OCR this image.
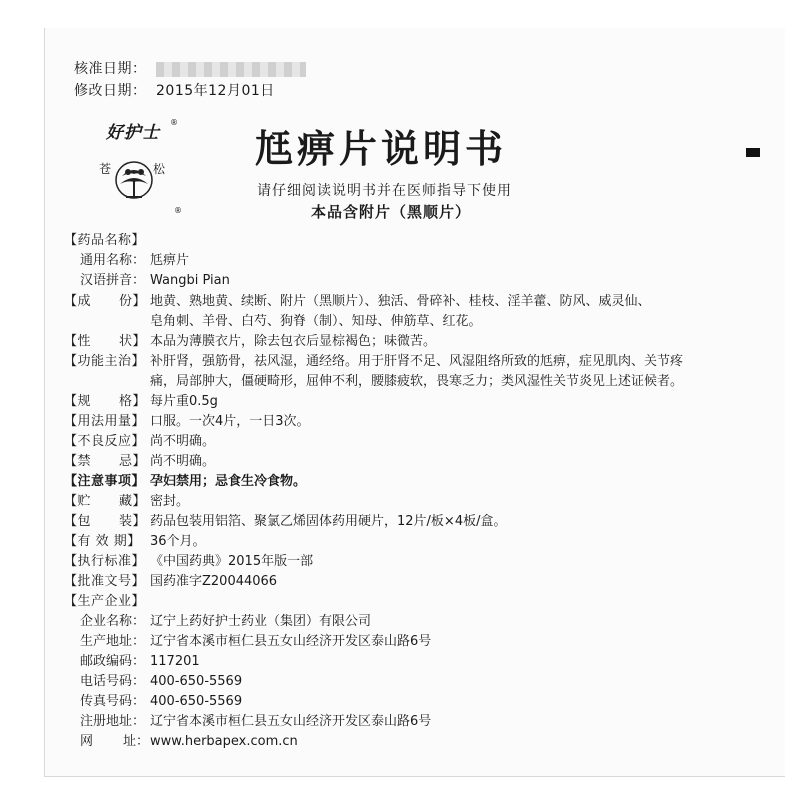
核准日期：
修改日期： 2015年12月01日
好护士
®
苍	松
®
尪痹片说明书
请仔细阅读说明书并在医师指导下使用
本品含附片（黑顺片）
【药品名称】
通用名称： 尪痹片
汉语拼音： Wangbi Pian
【成 份】 地黄、熟地黄、续断、附片（黑顺片）、独活、骨碎补、桂枝、淫羊藿、防风、威灵仙、
皂角刺、羊骨、白芍、狗脊（制）、知母、伸筋草、红花。
【性 状】 本品为薄膜衣片，除去包衣后显棕褐色；味微苦。
【功能主治】 补肝肾，强筋骨，祛风湿，通经络。用于肝肾不足、风湿阻络所致的尪痹，症见肌肉、关节疼
痛，局部肿大，僵硬畸形，屈伸不利，腰膝疲软，畏寒乏力；类风湿性关节炎见上述证候者。
【规 格】 每片重0.5g
【用法用量】 口服。一次4片，一日3次。
【不良反应】 尚不明确。
【禁 忌】 尚不明确。
【注意事项】 孕妇禁用；忌食生冷食物。
【贮 藏】 密封。
【包 装】 药品包装用铝箔、聚氯乙烯固体药用硬片，12片/板×4板/盒。
【有 效 期】 36个月。
【执行标准】 《中国药典》2015年版一部
【批准文号】 国药准字Z20044066
【生产企业】
企业名称： 辽宁上药好护士药业（集团）有限公司
生产地址： 辽宁省本溪市桓仁县五女山经济开发区泰山路6号
邮政编码： 117201
电话号码： 400-650-5569
传真号码： 400-650-5569
注册地址： 辽宁省本溪市桓仁县五女山经济开发区泰山路6号
网 址： www.herbapex.com.cn
